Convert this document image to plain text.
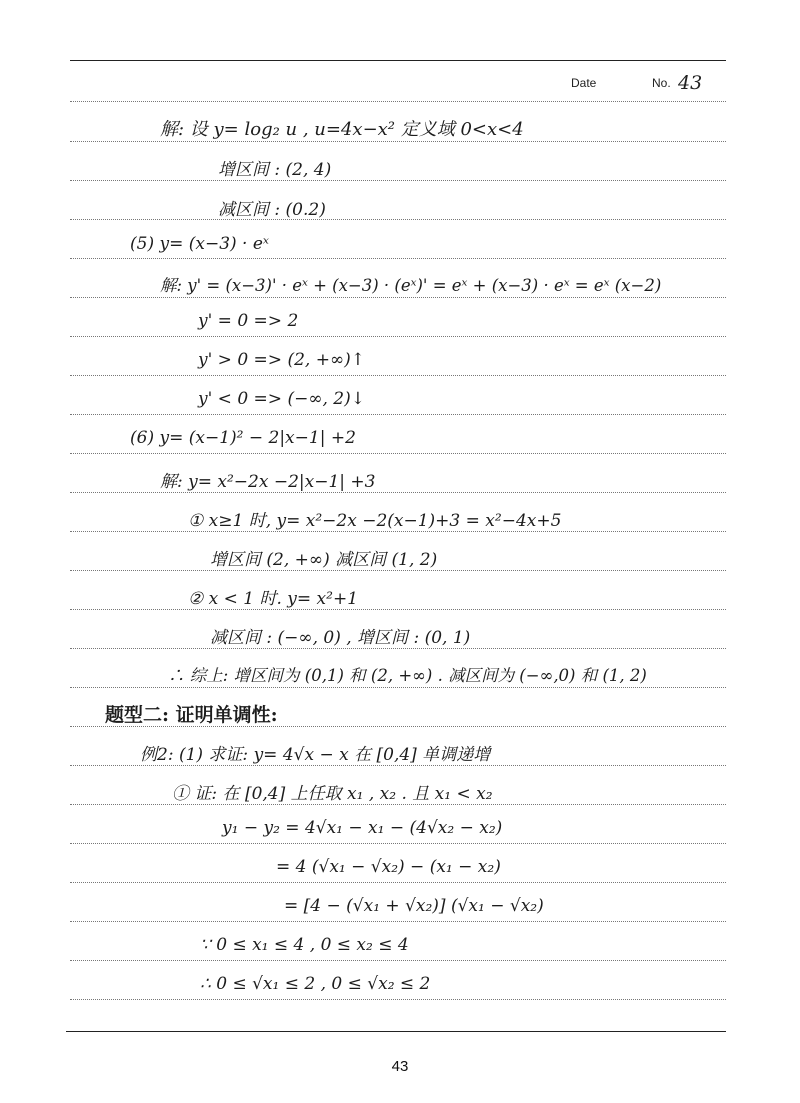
Date	No. 43
解: 设 y= log₂ u , u=4x−x² 定义域 0<x<4
增区间 : (2, 4)
减区间 : (0.2)
(5) y= (x−3) · eˣ
解: y' = (x−3)' · eˣ + (x−3) · (eˣ)' = eˣ + (x−3) · eˣ = eˣ (x−2)
y' = 0 => 2
y' > 0 => (2, +∞)↑
y' < 0 => (−∞, 2)↓
(6) y= (x−1)² − 2|x−1| +2
解: y= x²−2x −2|x−1| +3
① x≥1 时, y= x²−2x −2(x−1)+3 = x²−4x+5
增区间 (2, +∞) 减区间 (1, 2)
② x < 1 时. y= x²+1
减区间 : (−∞, 0) , 增区间 : (0, 1)
∴ 综上: 增区间为 (0,1) 和 (2, +∞) . 减区间为 (−∞,0) 和 (1, 2)
题型二: 证明单调性:
例2: (1) 求证: y= 4√x − x 在 [0,4] 单调递增
① 证: 在 [0,4] 上任取 x₁ , x₂ . 且 x₁ < x₂
y₁ − y₂ = 4√x₁ − x₁ − (4√x₂ − x₂)
= 4 (√x₁ − √x₂) − (x₁ − x₂)
= [4 − (√x₁ + √x₂)] (√x₁ − √x₂)
∵ 0 ≤ x₁ ≤ 4 , 0 ≤ x₂ ≤ 4
∴ 0 ≤ √x₁ ≤ 2 , 0 ≤ √x₂ ≤ 2
43
